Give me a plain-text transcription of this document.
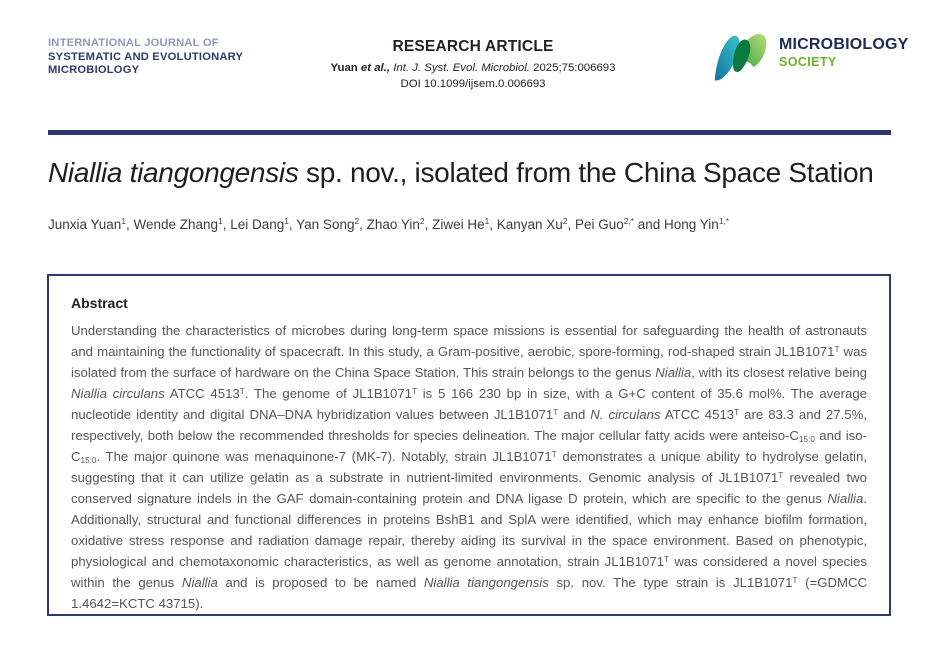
INTERNATIONAL JOURNAL OF
SYSTEMATIC AND EVOLUTIONARY
MICROBIOLOGY
RESEARCH ARTICLE
Yuan et al., Int. J. Syst. Evol. Microbiol. 2025;75:006693
DOI 10.1099/ijsem.0.006693
MICROBIOLOGY
SOCIETY
Niallia tiangongensis sp. nov., isolated from the China Space Station
Junxia Yuan$^1$, Wende Zhang$^1$, Lei Dang$^1$, Yan Song$^2$, Zhao Yin$^2$, Ziwei He$^1$, Kanyan Xu$^2$, Pei Guo$^{2,*}$ and Hong Yin$^{1,*}$
Abstract

Understanding the characteristics of microbes during long-term space missions is essential for safeguarding the health of astronauts and maintaining the functionality of spacecraft. In this study, a Gram-positive, aerobic, spore-forming, rod-shaped strain $JL1B1071^T$ was isolated from the surface of hardware on the China Space Station. This strain belongs to the genus Niallia, with its closest relative being Niallia circulans ATCC $4513^T$. The genome of $JL1B1071^T$ is 5 166 230 bp in size, with a G+C content of 35.6 mol%. The average nucleotide identity and digital DNA–DNA hybridization values between $JL1B1071^T$ and N. circulans ATCC $4513^T$ are 83.3 and 27.5%, respectively, both below the recommended thresholds for species delineation. The major cellular fatty acids were anteiso-$C_{15:0}$ and iso-$C_{15:0}$. The major quinone was menaquinone-7 (MK-7). Notably, strain $JL1B1071^T$ demonstrates a unique ability to hydrolyse gelatin, suggesting that it can utilize gelatin as a substrate in nutrient-limited environments. Genomic analysis of $JL1B1071^T$ revealed two conserved signature indels in the GAF domain-containing protein and DNA ligase D protein, which are specific to the genus Niallia. Additionally, structural and functional differences in proteins BshB1 and SplA were identified, which may enhance biofilm formation, oxidative stress response and radiation damage repair, thereby aiding its survival in the space environment. Based on phenotypic, physiological and chemotaxonomic characteristics, as well as genome annotation, strain $JL1B1071^T$ was considered a novel species within the genus Niallia and is proposed to be named Niallia tiangongensis sp. nov. The type strain is $JL1B1071^T$ (=GDMCC 1.4642=KCTC 43715).
